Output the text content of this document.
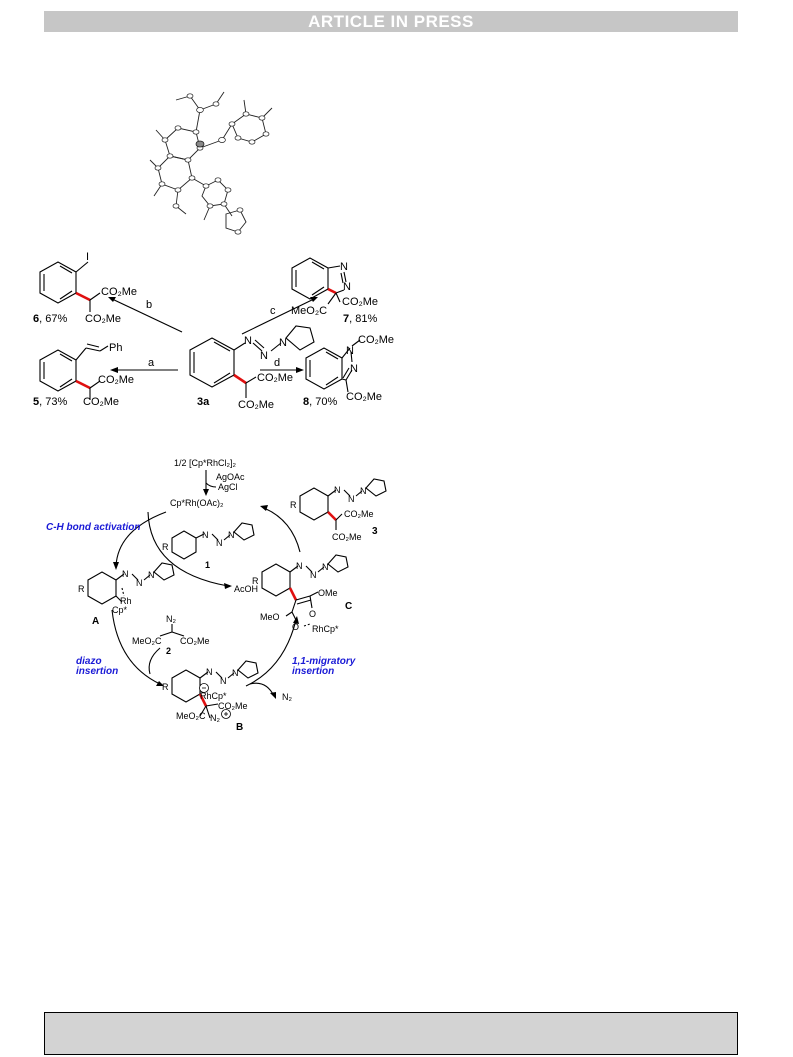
ARTICLE IN PRESS
N
N
N
CO₂Me
CO₂Me
3a
b	c
a	d
I
CO₂Me
CO₂Me
6, 67%
N
N
CO₂Me
MeO₂C
7, 81%
Ph
CO₂Me
CO₂Me
5, 73%
N
N
CO₂Me
CO₂Me
8, 70%
1/2 [Cp*RhCl₂]₂
AgOAc
AgCl
Cp*Rh(OAc)₂
C-H bond activation
diazo
insertion
1,1-migratory
insertion
R
N
N
N
1
AcOH
R
N
N
N
Rh
Cp*
A	N₂
MeO₂C CO₂Me
2
R
N
N
N
RhCp*
CO₂Me
MeO₂C N₂
B
N₂
R
N
N
N
OMe
O
MeO
O RhCp*
C
R
N
N
N
CO₂Me
CO₂Me 3
